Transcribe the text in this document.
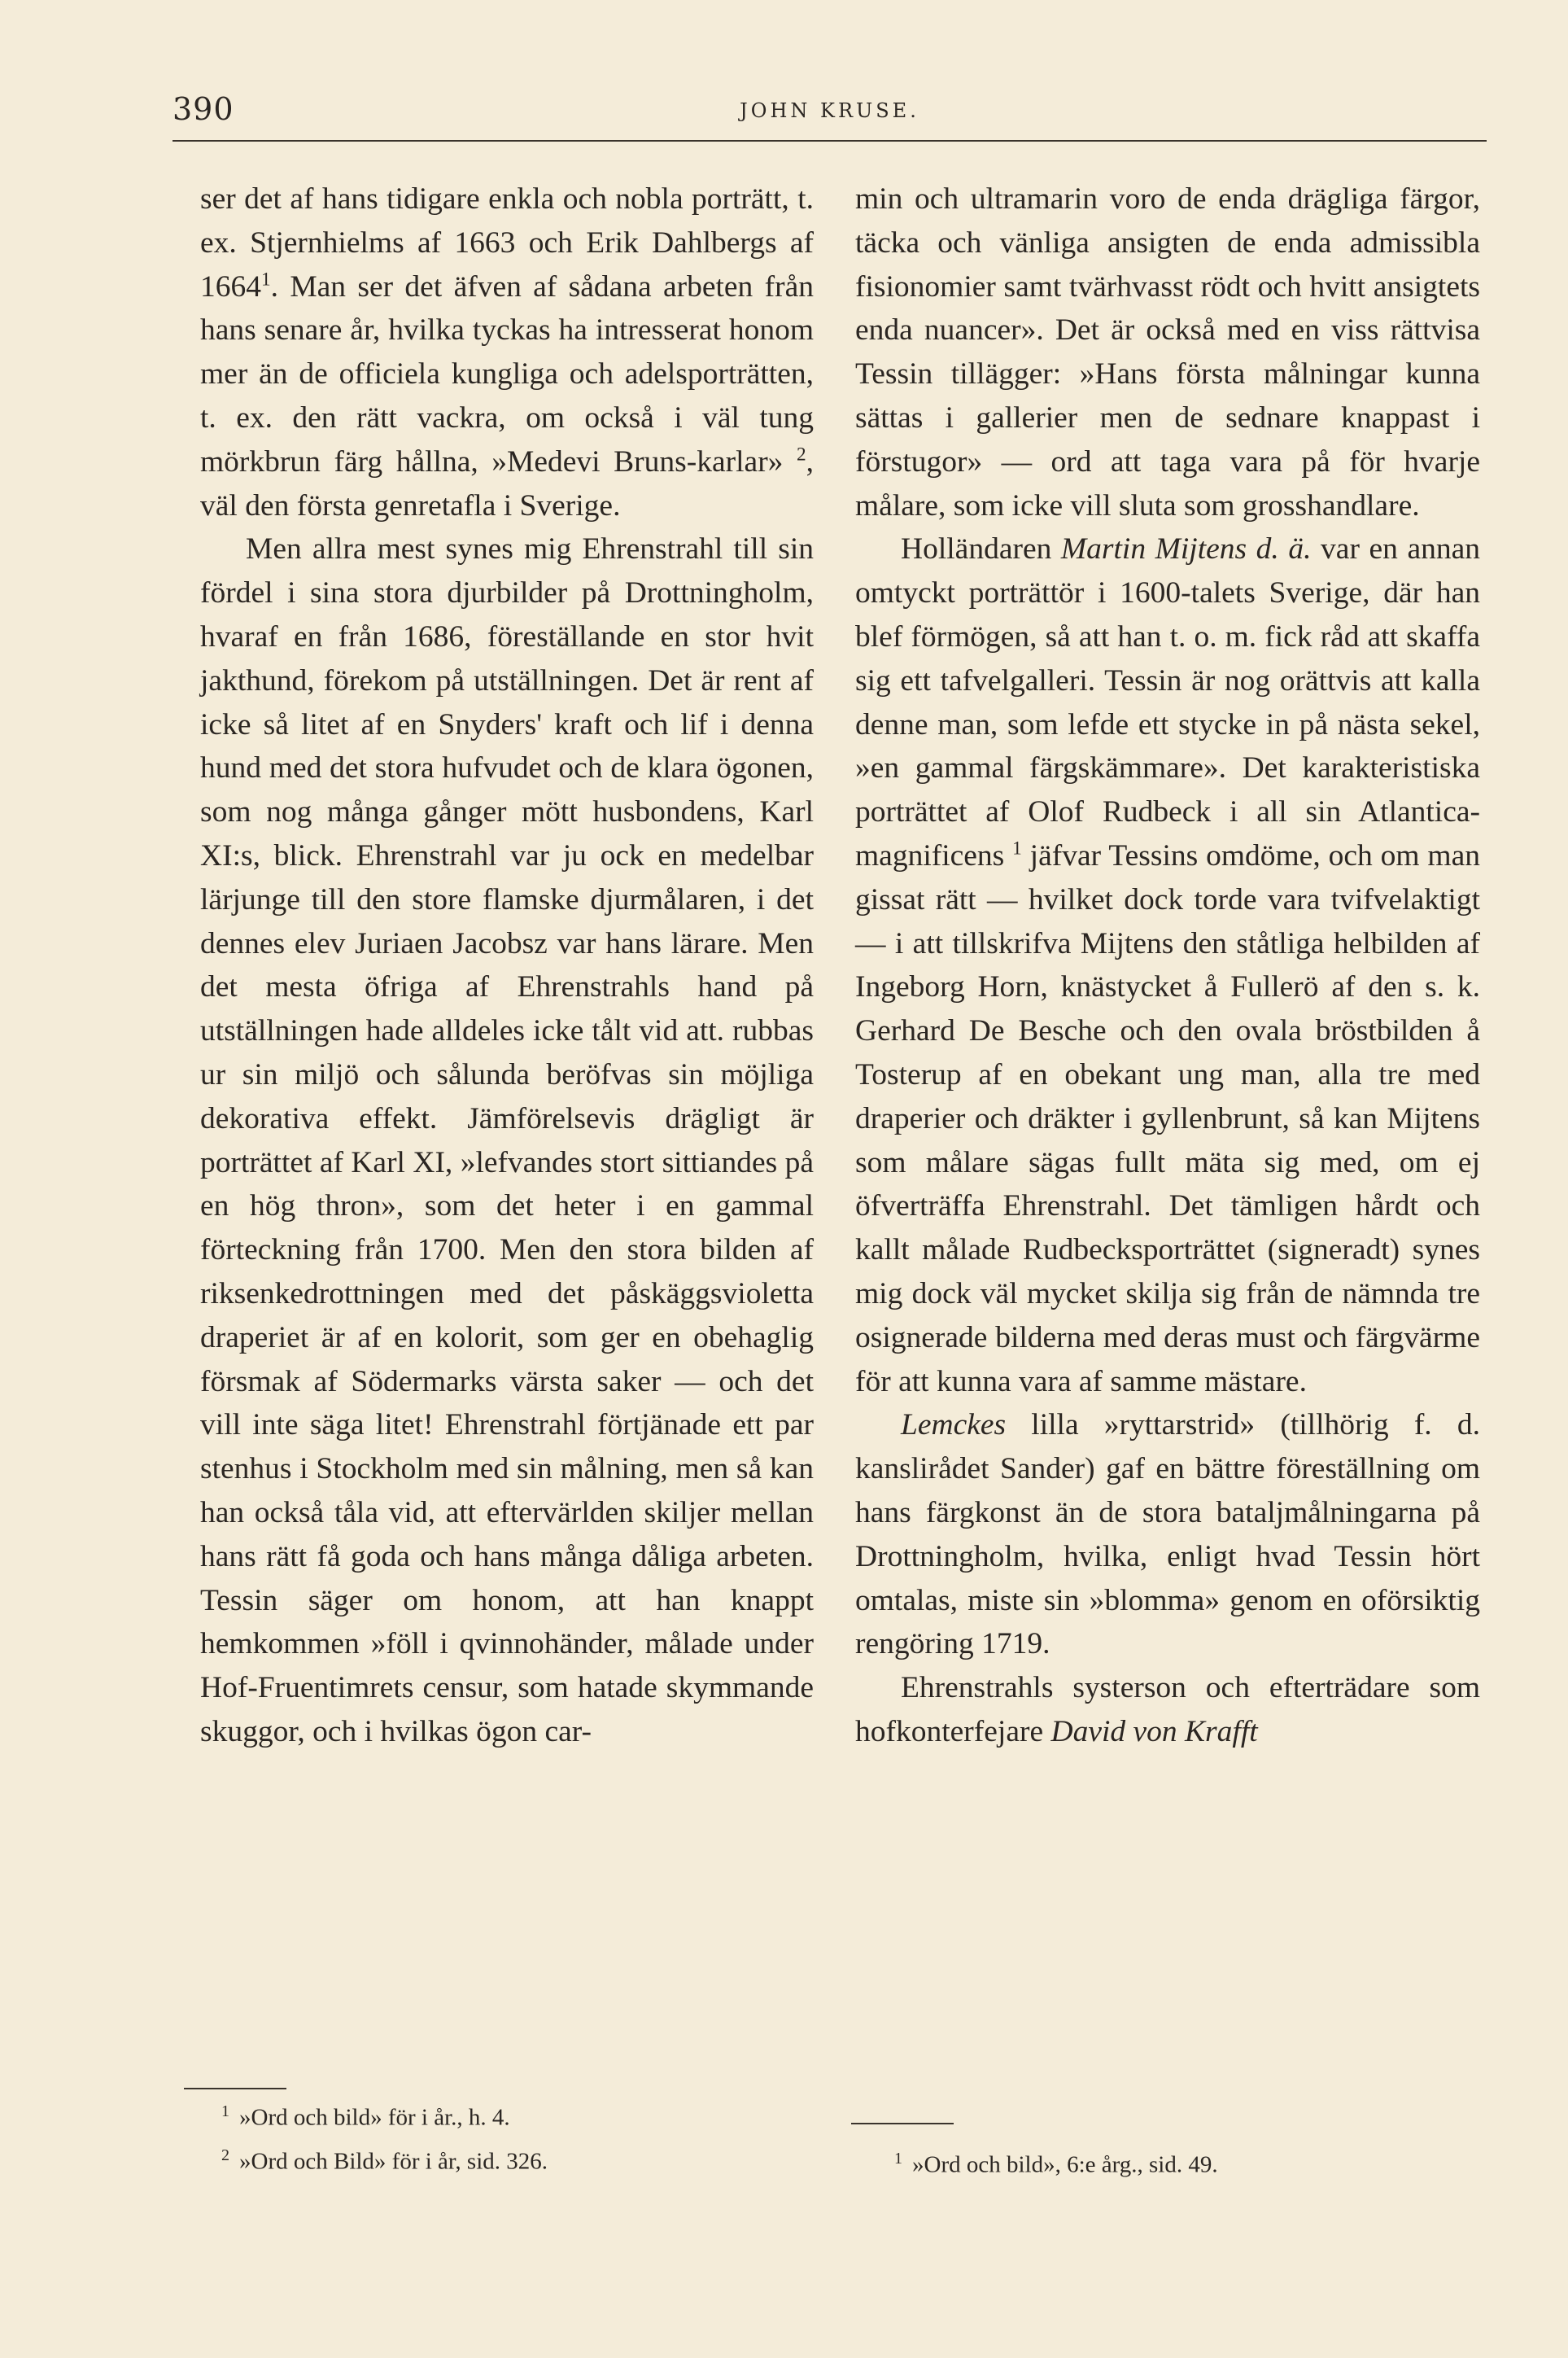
390	JOHN KRUSE.

ser det af hans tidigare enkla och nobla porträtt, t. ex. Stjernhielms af 1663 och Erik Dahlbergs af 1664$^1$. Man ser det äfven af sådana arbeten från hans senare år, hvilka tyckas ha intresserat honom mer än de officiela kungliga och adelsporträtten, t. ex. den rätt vackra, om också i väl tung mörkbrun färg hållna, »Medevi Bruns-karlar» $^2$, väl den första genretafla i Sverige.

Men allra mest synes mig Ehrenstrahl till sin fördel i sina stora djurbilder på Drottningholm, hvaraf en från 1686, föreställande en stor hvit jakthund, förekom på utställningen. Det är rent af icke så litet af en Snyders' kraft och lif i denna hund med det stora hufvudet och de klara ögonen, som nog många gånger mött husbondens, Karl XI:s, blick. Ehrenstrahl var ju ock en medelbar lärjunge till den store flamske djurmålaren, i det dennes elev Juriaen Jacobsz var hans lärare. Men det mesta öfriga af Ehrenstrahls hand på utställningen hade alldeles icke tålt vid att. rubbas ur sin miljö och sålunda beröfvas sin möjliga dekorativa effekt. Jämförelsevis drägligt är porträttet af Karl XI, »lefvandes stort sittiandes på en hög thron», som det heter i en gammal förteckning från 1700. Men den stora bilden af riksenkedrottningen med det påskäggsvioletta draperiet är af en kolorit, som ger en obehaglig försmak af Södermarks värsta saker — och det vill inte säga litet! Ehrenstrahl förtjänade ett par stenhus i Stockholm med sin målning, men så kan han också tåla vid, att eftervärlden skiljer mellan hans rätt få goda och hans många dåliga arbeten. Tessin säger om honom, att han knappt hemkommen »föll i qvinnohänder, målade under Hof-Fruentimrets censur, som hatade skymmande skuggor, och i hvilkas ögon car-

min och ultramarin voro de enda drägliga färgor, täcka och vänliga ansigten de enda admissibla fisionomier samt tvärhvasst rödt och hvitt ansigtets enda nuancer». Det är också med en viss rättvisa Tessin tillägger: »Hans första målningar kunna sättas i gallerier men de sednare knappast i förstugor» — ord att taga vara på för hvarje målare, som icke vill sluta som grosshandlare.

Holländaren Martin Mijtens d. ä. var en annan omtyckt porträttör i 1600-talets Sverige, där han blef förmögen, så att han t. o. m. fick råd att skaffa sig ett tafvelgalleri. Tessin är nog orättvis att kalla denne man, som lefde ett stycke in på nästa sekel, »en gammal färgskämmare». Det karakteristiska porträttet af Olof Rudbeck i all sin Atlantica-magnificens $^1$ jäfvar Tessins omdöme, och om man gissat rätt — hvilket dock torde vara tvifvelaktigt — i att tillskrifva Mijtens den ståtliga helbilden af Ingeborg Horn, knästycket å Fullerö af den s. k. Gerhard De Besche och den ovala bröstbilden å Tosterup af en obekant ung man, alla tre med draperier och dräkter i gyllenbrunt, så kan Mijtens som målare sägas fullt mäta sig med, om ej öfverträffa Ehrenstrahl. Det tämligen hårdt och kallt målade Rudbecksporträttet (signeradt) synes mig dock väl mycket skilja sig från de nämnda tre osignerade bilderna med deras must och färgvärme för att kunna vara af samme mästare.

Lemckes lilla »ryttarstrid» (tillhörig f. d. kanslirådet Sander) gaf en bättre föreställning om hans färgkonst än de stora bataljmålningarna på Drottningholm, hvilka, enligt hvad Tessin hört omtalas, miste sin »blomma» genom en oförsiktig rengöring 1719.

Ehrenstrahls systerson och efterträdare som hofkonterfejare David von Krafft

$^1$ »Ord och bild» för i år., h. 4.
$^2$ »Ord och Bild» för i år, sid. 326.	$^1$ »Ord och bild», 6:e årg., sid. 49.
